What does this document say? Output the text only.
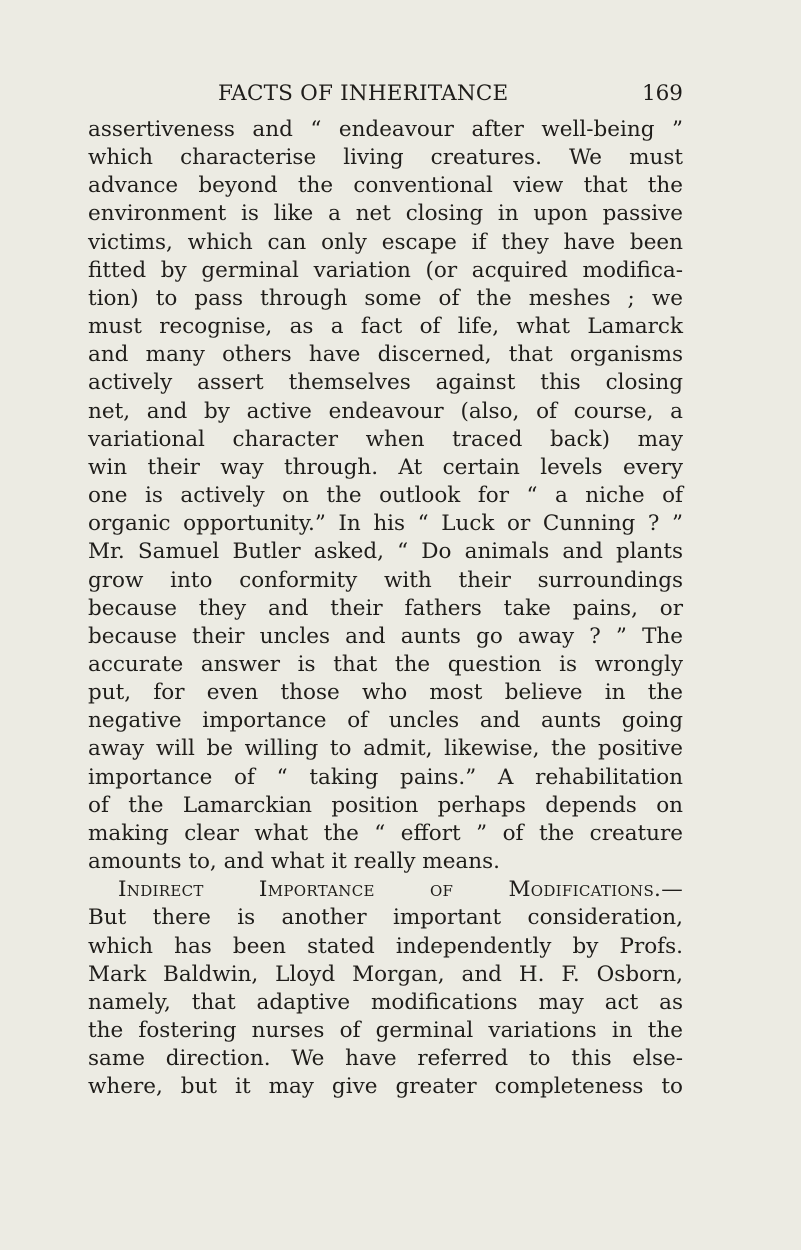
FACTS OF INHERITANCE	169
assertiveness and “ endeavour after well-being ”
which characterise living creatures. We must
advance beyond the conventional view that the
environment is like a net closing in upon passive
victims, which can only escape if they have been
fitted by germinal variation (or acquired modifica-
tion) to pass through some of the meshes ; we
must recognise, as a fact of life, what Lamarck
and many others have discerned, that organisms
actively assert themselves against this closing
net, and by active endeavour (also, of course, a
variational character when traced back) may
win their way through. At certain levels every
one is actively on the outlook for “ a niche of
organic opportunity.” In his “ Luck or Cunning ? ”
Mr. Samuel Butler asked, “ Do animals and plants
grow into conformity with their surroundings
because they and their fathers take pains, or
because their uncles and aunts go away ? ” The
accurate answer is that the question is wrongly
put, for even those who most believe in the
negative importance of uncles and aunts going
away will be willing to admit, likewise, the positive
importance of “ taking pains.” A rehabilitation
of the Lamarckian position perhaps depends on
making clear what the “ effort ” of the creature
amounts to, and what it really means.
Indirect Importance of Modifications.—
But there is another important consideration,
which has been stated independently by Profs.
Mark Baldwin, Lloyd Morgan, and H. F. Osborn,
namely, that adaptive modifications may act as
the fostering nurses of germinal variations in the
same direction. We have referred to this else-
where, but it may give greater completeness to
